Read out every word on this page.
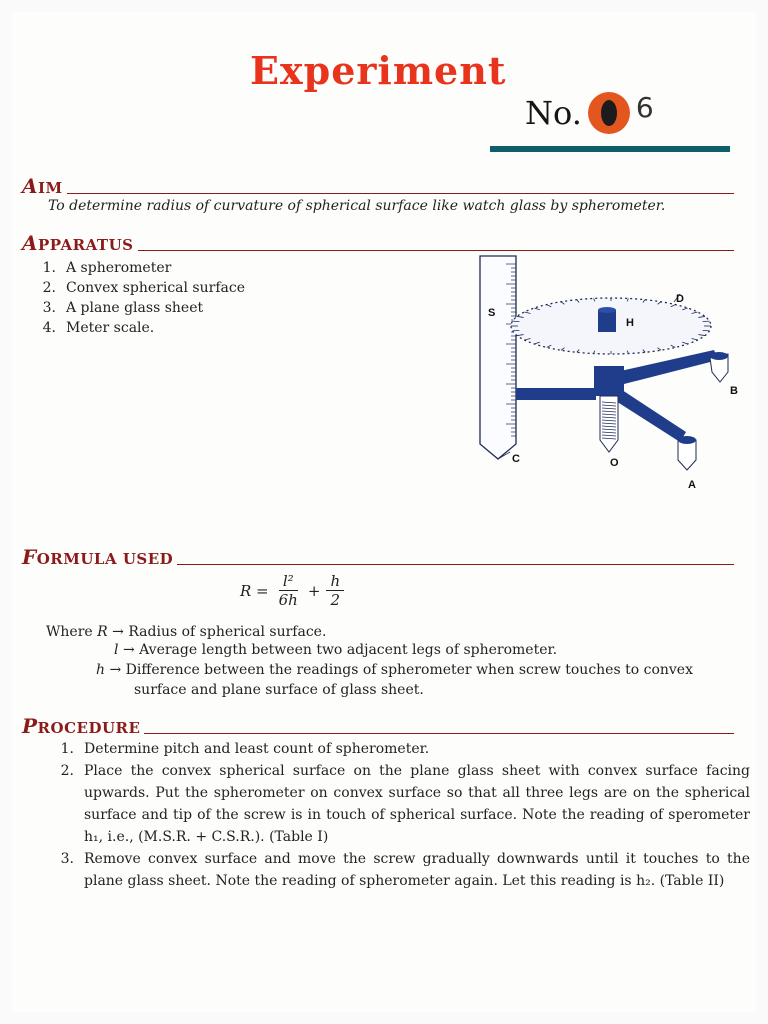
Experiment
No. 6
AIM
To determine radius of curvature of spherical surface like watch glass by spherometer.
APPARATUS
1. A spherometer
2. Convex spherical surface
3. A plane glass sheet
4. Meter scale.
S
D
H
B
C	O
A
FORMULA USED
$R = \frac{\text{l²}}{6h} + \frac{h}{2}$
Where R → Radius of spherical surface.
l → Average length between two adjacent legs of spherometer.
h → Difference between the readings of spherometer when screw touches to convex
surface and plane surface of glass sheet.
PROCEDURE
1. Determine pitch and least count of spherometer.
2. Place the convex spherical surface on the plane glass sheet with convex surface facing upwards. Put the spherometer on convex surface so that all three legs are on the spherical surface and tip of the screw is in touch of spherical surface. Note the reading of sperometer h₁, i.e., (M.S.R. + C.S.R.). (Table I)
3. Remove convex surface and move the screw gradually downwards until it touches to the plane glass sheet. Note the reading of spherometer again. Let this reading is h₂. (Table II)
